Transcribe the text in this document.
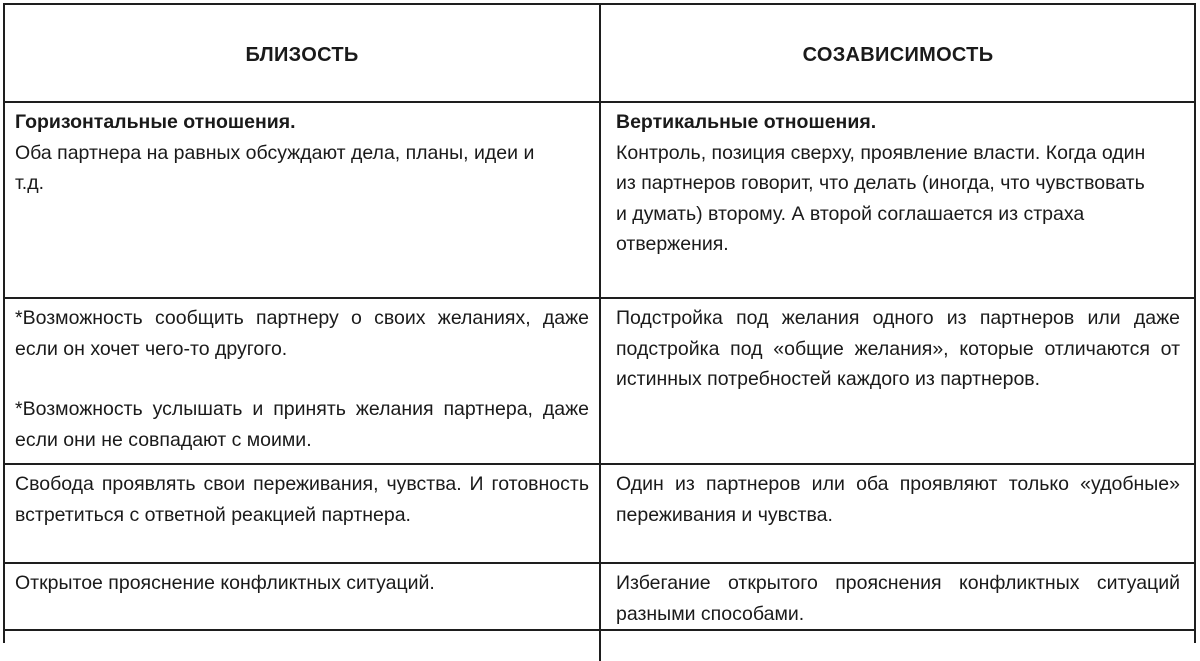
БЛИЗОСТЬ	СОЗАВИСИМОСТЬ

Горизонтальные отношения.

Оба партнера на равных обсуждают дела, планы, идеи и т.д.

Вертикальные отношения.

Контроль, позиция сверху, проявление власти. Когда один из партнеров говорит, что делать (иногда, что чувствовать и думать) второму. А второй соглашается из страха отвержения.

*Возможность сообщить партнеру о своих желаниях, даже если он хочет чего-то другого.

*Возможность услышать и принять желания партнера, даже если они не совпадают с моими.

Подстройка под желания одного из партнеров или даже подстройка под «общие желания», которые отличаются от истинных потребностей каждого из партнеров.

Свобода проявлять свои переживания, чувства. И готовность встретиться с ответной реакцией партнера.

Один из партнеров или оба проявляют только «удобные» переживания и чувства.

Открытое прояснение конфликтных ситуаций.	Избегание открытого прояснения конфликтных ситуаций разными способами.
